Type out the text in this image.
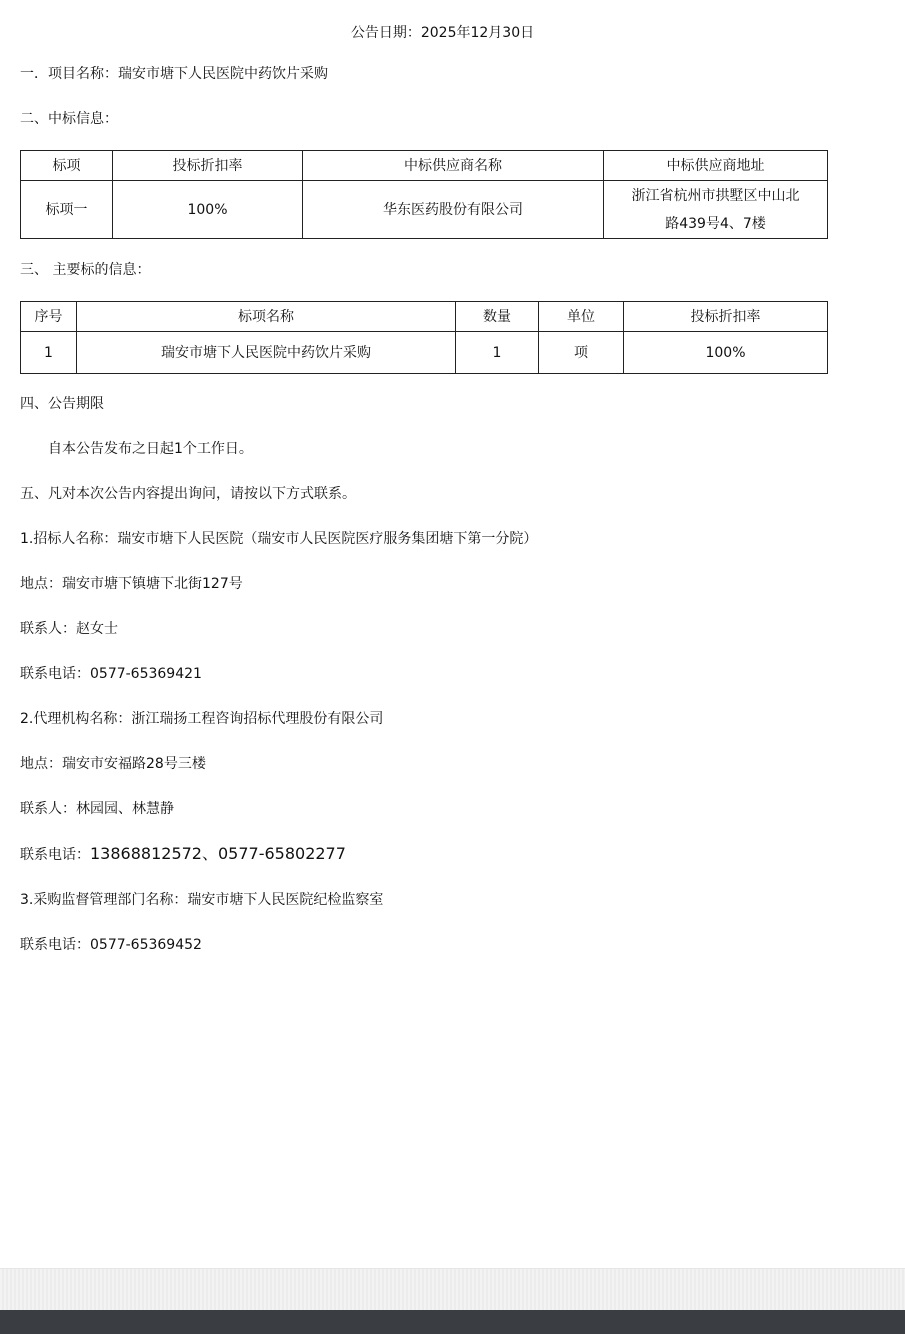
公告日期：2025年12月30日
一．项目名称：瑞安市塘下人民医院中药饮片采购
二、中标信息：
标项	投标折扣率	中标供应商名称	中标供应商地址
标项一	100%	华东医药股份有限公司	浙江省杭州市拱墅区中山北路439号4、7楼
三、 主要标的信息：
序号	标项名称	数量	单位	投标折扣率
1	瑞安市塘下人民医院中药饮片采购	1	项	100%
四、公告期限
自本公告发布之日起1个工作日。
五、凡对本次公告内容提出询问，请按以下方式联系。
1.招标人名称：瑞安市塘下人民医院（瑞安市人民医院医疗服务集团塘下第一分院）
地点：瑞安市塘下镇塘下北街127号
联系人：赵女士
联系电话：0577-65369421
2.代理机构名称：浙江瑞扬工程咨询招标代理股份有限公司
地点：瑞安市安福路28号三楼
联系人：林园园、林慧静
联系电话：13868812572、0577-65802277
3.采购监督管理部门名称：瑞安市塘下人民医院纪检监察室
联系电话：0577-65369452
